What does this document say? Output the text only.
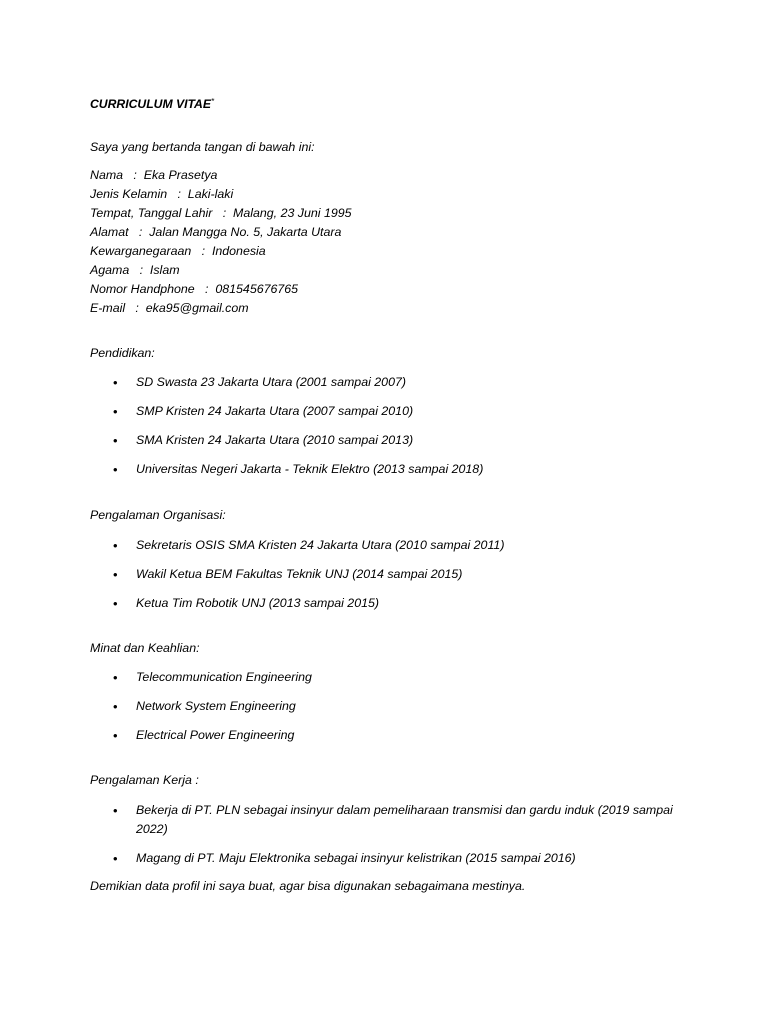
CURRICULUM VITAE*
Saya yang bertanda tangan di bawah ini:
Nama   :  Eka Prasetya
Jenis Kelamin   :  Laki-laki
Tempat, Tanggal Lahir   :  Malang, 23 Juni 1995
Alamat   :  Jalan Mangga No. 5, Jakarta Utara
Kewarganegaraan   :  Indonesia
Agama   :  Islam
Nomor Handphone   :  081545676765
E-mail   :  eka95@gmail.com
Pendidikan:
• SD Swasta 23 Jakarta Utara (2001 sampai 2007)
• SMP Kristen 24 Jakarta Utara (2007 sampai 2010)
• SMA Kristen 24 Jakarta Utara (2010 sampai 2013)
• Universitas Negeri Jakarta - Teknik Elektro (2013 sampai 2018)
Pengalaman Organisasi:
• Sekretaris OSIS SMA Kristen 24 Jakarta Utara (2010 sampai 2011)
• Wakil Ketua BEM Fakultas Teknik UNJ (2014 sampai 2015)
• Ketua Tim Robotik UNJ (2013 sampai 2015)
Minat dan Keahlian:
• Telecommunication Engineering
• Network System Engineering
• Electrical Power Engineering
Pengalaman Kerja :
• Bekerja di PT. PLN sebagai insinyur dalam pemeliharaan transmisi dan gardu induk (2019 sampai 2022)
• Magang di PT. Maju Elektronika sebagai insinyur kelistrikan (2015 sampai 2016)
Demikian data profil ini saya buat, agar bisa digunakan sebagaimana mestinya.
